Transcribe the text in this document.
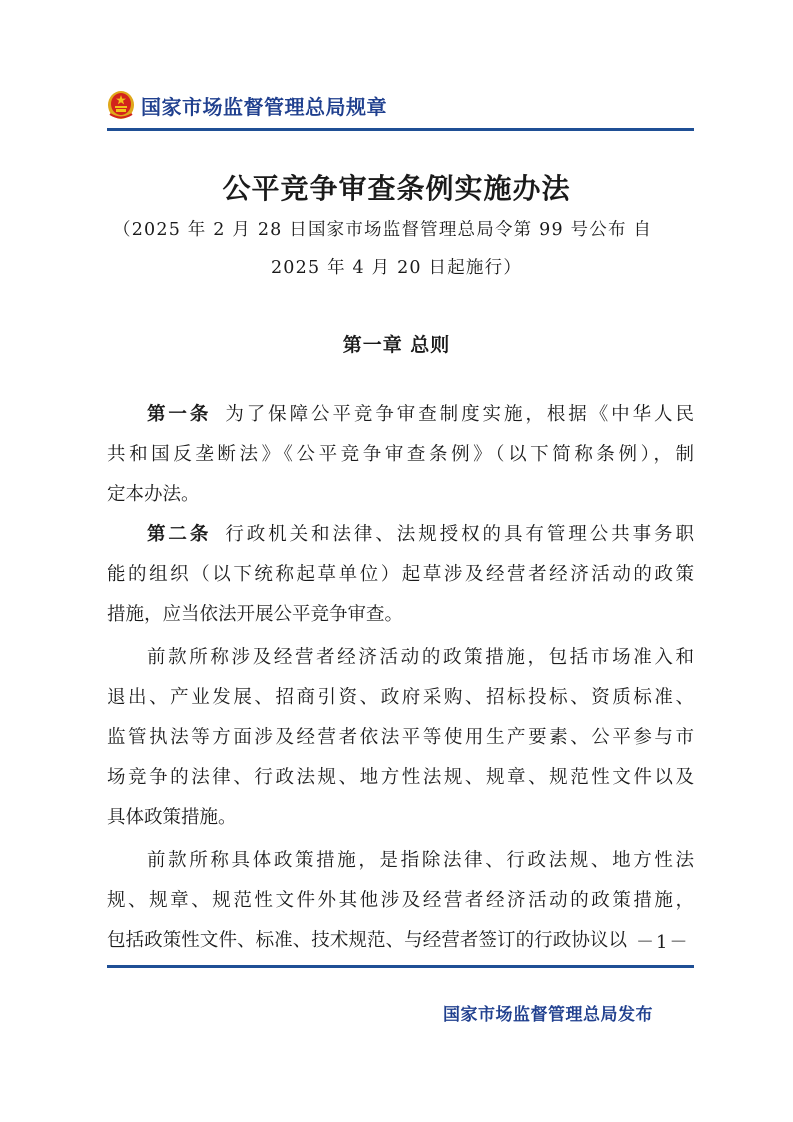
国家市场监督管理总局规章
公平竞争审查条例实施办法
（2025 年 2 月 28 日国家市场监督管理总局令第 99 号公布 自
2025 年 4 月 20 日起施行）
第一章 总则
第一条 为了保障公平竞争审查制度实施，根据《中华人民
共和国反垄断法》《公平竞争审查条例》（以下简称条例），制
定本办法。
第二条 行政机关和法律、法规授权的具有管理公共事务职
能的组织（以下统称起草单位）起草涉及经营者经济活动的政策
措施，应当依法开展公平竞争审查。
前款所称涉及经营者经济活动的政策措施，包括市场准入和
退出、产业发展、招商引资、政府采购、招标投标、资质标准、
监管执法等方面涉及经营者依法平等使用生产要素、公平参与市
场竞争的法律、行政法规、地方性法规、规章、规范性文件以及
具体政策措施。
前款所称具体政策措施，是指除法律、行政法规、地方性法
规、规章、规范性文件外其他涉及经营者经济活动的政策措施，
包括政策性文件、标准、技术规范、与经营者签订的行政协议以 －1－
国家市场监督管理总局发布
